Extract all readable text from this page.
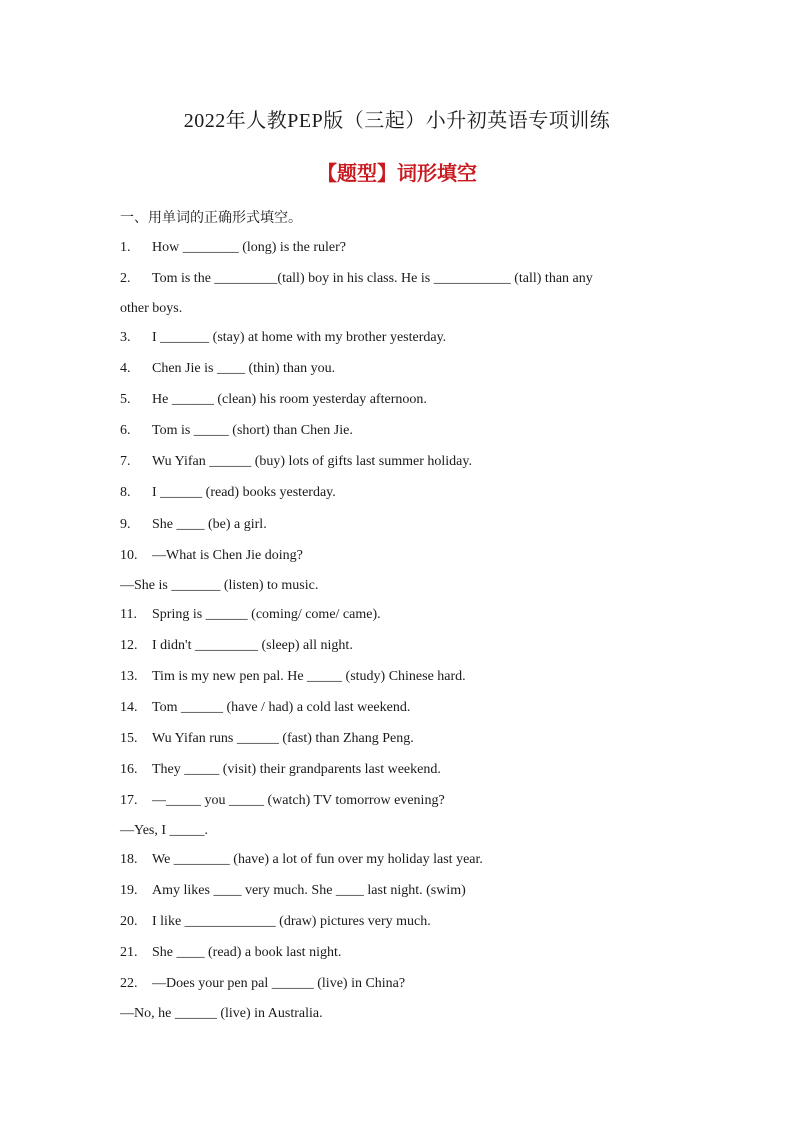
2022年人教PEP版（三起）小升初英语专项训练
【题型】词形填空
一、用单词的正确形式填空。
1. How ________ (long) is the ruler?
2. Tom is the _________(tall) boy in his class. He is ___________ (tall) than any
other boys.
3. I _______ (stay) at home with my brother yesterday.
4. Chen Jie is ____ (thin) than you.
5. He ______ (clean) his room yesterday afternoon.
6. Tom is _____ (short) than Chen Jie.
7. Wu Yifan ______ (buy) lots of gifts last summer holiday.
8. I ______ (read) books yesterday.
9. She ____ (be) a girl.
10. —What is Chen Jie doing?
—She is _______ (listen) to music.
11. Spring is ______ (coming/ come/ came).
12. I didn't _________ (sleep) all night.
13. Tim is my new pen pal. He _____ (study) Chinese hard.
14. Tom ______ (have / had) a cold last weekend.
15. Wu Yifan runs ______ (fast) than Zhang Peng.
16. They _____ (visit) their grandparents last weekend.
17. —_____ you _____ (watch) TV tomorrow evening?
—Yes, I _____.
18. We ________ (have) a lot of fun over my holiday last year.
19. Amy likes ____ very much. She ____ last night. (swim)
20. I like _____________ (draw) pictures very much.
21. She ____ (read) a book last night.
22. —Does your pen pal ______ (live) in China?
—No, he ______ (live) in Australia.
